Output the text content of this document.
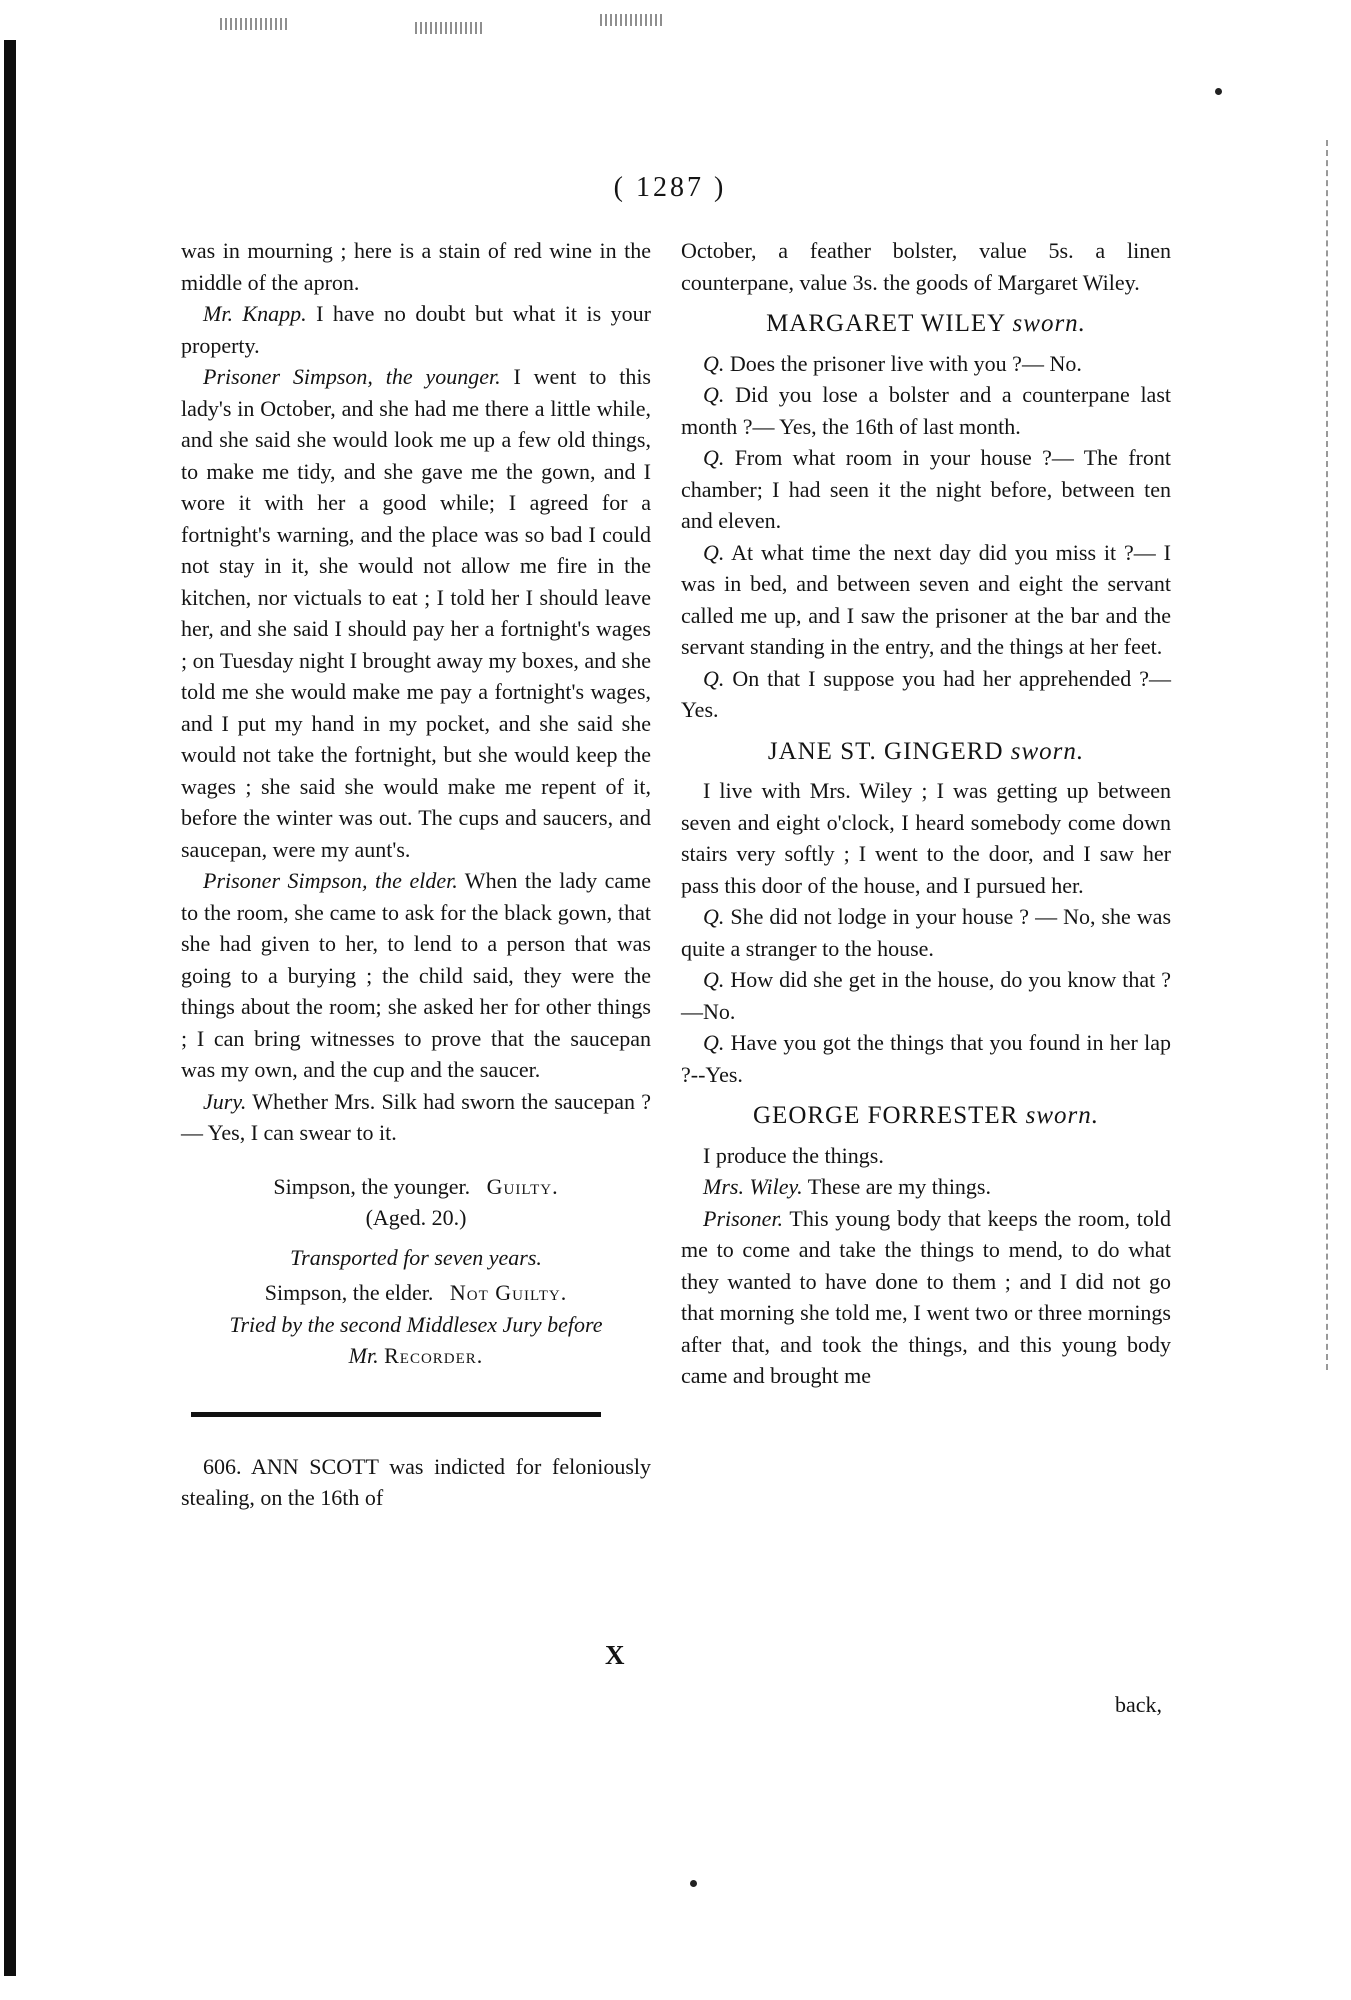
( 1287 )

was in mourning ; here is a stain of red wine in the middle of the apron.

Mr. Knapp. I have no doubt but what it is your property.

Prisoner Simpson, the younger. I went to this lady's in October, and she had me there a little while, and she said she would look me up a few old things, to make me tidy, and she gave me the gown, and I wore it with her a good while; I agreed for a fortnight's warning, and the place was so bad I could not stay in it, she would not allow me fire in the kitchen, nor victuals to eat ; I told her I should leave her, and she said I should pay her a fortnight's wages ; on Tuesday night I brought away my boxes, and she told me she would make me pay a fortnight's wages, and I put my hand in my pocket, and she said she would not take the fortnight, but she would keep the wages ; she said she would make me repent of it, before the winter was out. The cups and saucers, and saucepan, were my aunt's.

Prisoner Simpson, the elder. When the lady came to the room, she came to ask for the black gown, that she had given to her, to lend to a person that was going to a burying ; the child said, they were the things about the room; she asked her for other things ; I can bring witnesses to prove that the saucepan was my own, and the cup and the saucer.

Jury. Whether Mrs. Silk had sworn the saucepan ?— Yes, I can swear to it.

Simpson, the younger. Guilty.

(Aged. 20.)

Transported for seven years.

Simpson, the elder. Not Guilty.

Tried by the second Middlesex Jury before

Mr. Recorder.

606. ANN SCOTT was indicted for feloniously stealing, on the 16th of

X

October, a feather bolster, value 5s. a linen counterpane, value 3s. the goods of Margaret Wiley.

MARGARET WILEY sworn.

Q. Does the prisoner live with you ?— No.

Q. Did you lose a bolster and a counterpane last month ?— Yes, the 16th of last month.

Q. From what room in your house ?— The front chamber; I had seen it the night before, between ten and eleven.

Q. At what time the next day did you miss it ?— I was in bed, and between seven and eight the servant called me up, and I saw the prisoner at the bar and the servant standing in the entry, and the things at her feet.

Q. On that I suppose you had her apprehended ?— Yes.

JANE ST. GINGERD sworn.

I live with Mrs. Wiley ; I was getting up between seven and eight o'clock, I heard somebody come down stairs very softly ; I went to the door, and I saw her pass this door of the house, and I pursued her.

Q. She did not lodge in your house ? — No, she was quite a stranger to the house.

Q. How did she get in the house, do you know that ?—No.

Q. Have you got the things that you found in her lap ?--Yes.

GEORGE FORRESTER sworn.

I produce the things.

Mrs. Wiley. These are my things.

Prisoner. This young body that keeps the room, told me to come and take the things to mend, to do what they wanted to have done to them ; and I did not go that morning she told me, I went two or three mornings after that, and took the things, and this young body came and brought me

back,
